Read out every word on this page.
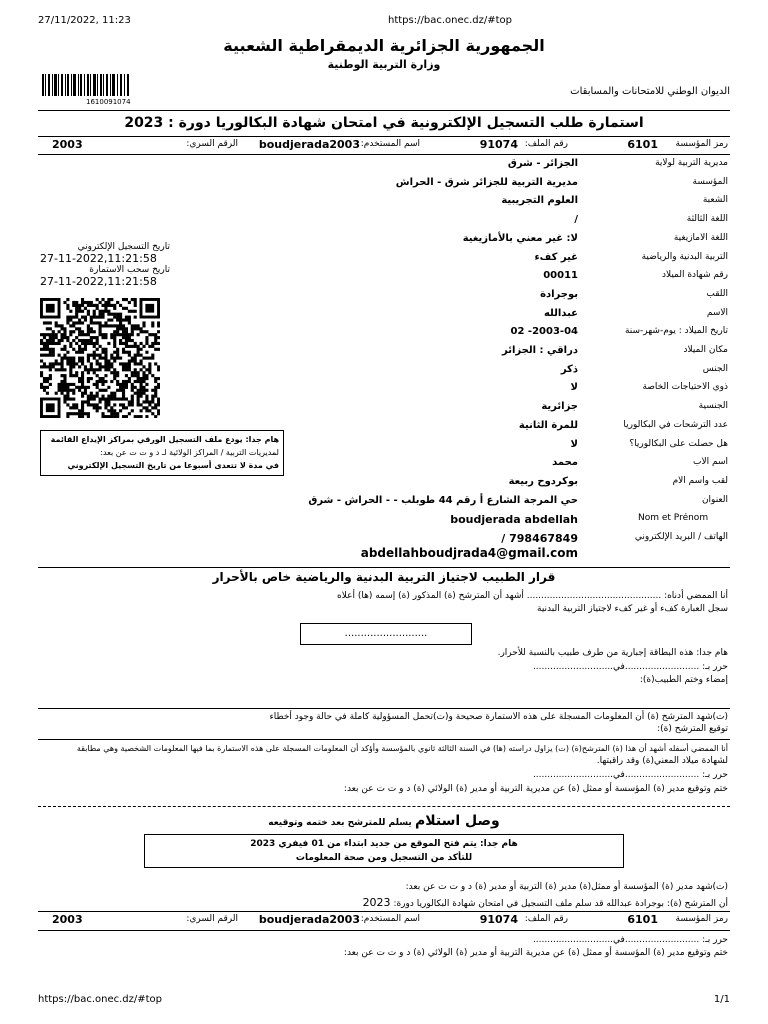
27/11/2022, 11:23	https://bac.onec.dz/#top
الجمهورية الجزائرية الديمقراطية الشعبية
وزارة التربية الوطنية
1610091074
الديوان الوطني للامتحانات والمسابقات
استمارة طلب التسجيل الإلكترونية في امتحان شهادة البكالوريا دورة : 2023
رمز المؤسسة
6101
رقم الملف:
91074
اسم المستخدم:
boudjerada2003
الرقم السري:
2003
مديرية التربية لولاية
الجزائر - شرق
المؤسسة
مديرية التربية للجزائر شرق - الحراش
الشعبة
العلوم التجريبية
اللغة الثالثة
/
اللغة الأمازيغية
لا: غير معني بالأمازيغية
التربية البدنية والرياضية
غير كفء
رقم شهادة الميلاد
00011
اللقب
بوجرادة
الاسم
عبدالله
تاريخ الميلاد : يوم-شهر-سنة
2003-04- 02
مكان الميلاد
دراقي : الجزائر
الجنس
ذكر
ذوي الاحتياجات الخاصة
لا
الجنسية
جزائرية
عدد الترشحات في البكالوريا
للمرة الثانية
هل حصلت على البكالوريا؟
لا
اسم الأب
محمد
لقب واسم الأم
بوكردوح ربيعة
العنوان
حي المرجة الشارع أ رقم 44 طوبلب - - الحراش - شرق
Nom et Prénom
boudjerada abdellah
الهاتف / البريد الإلكتروني
798467849 /
abdellahboudjrada4@gmail.com
تاريخ التسجيل الإلكتروني
27-11-2022,11:21:58
تاريخ سحب الاستمارة
27-11-2022,11:21:58
هام جدا: يودع ملف التسجيل الورقي بمراكز الإيداع القائمة
لمديريات التربية / المراكز الولائية لـ د و ت ت عن بعد:
في مدة لا تتعدى أسبوعا من تاريخ التسجيل الإلكتروني
قرار الطبيب لاجتياز التربية البدنية والرياضية خاص بالأحرار
أنا الممضي أدناه: ............................................... أشهد أن المترشح (ة) المذكور (ة) إسمه (ها) أعلاه
سجل العبارة كفء أو غير كفء لاجتياز التربية البدنية
..........................
هام جدا: هذه البطاقة إجبارية من طرف طبيب بالنسبة للأحرار.
حرر بـ: ..........................في............................
إمضاء وختم الطبيب(ة):
(ت)شهد المترشح (ة) أن المعلومات المسجلة على هذه الاستمارة صحيحة و(ت)تحمل المسؤولية كاملة في حالة وجود أخطاء
توقيع المترشح (ة):
أنا الممضي أسفله أشهد أن هذا (ة) المترشح(ة) (ت) يزاول دراسته (ها) في السنة الثالثة ثانوي بالمؤسسة وأؤكد أن المعلومات المسجلة على هذه الاستمارة بما فيها المعلومات الشخصية وهي مطابقة
لشهادة ميلاد المعني(ة) وقد راقبتها.
حرر بـ: ..........................في............................
ختم وتوقيع مدير (ة) المؤسسة أو ممثل (ة) عن مديرية التربية أو مدير (ة) الولائي (ة) د و ت ت عن بعد:
وصل استلام يسلم للمترشح بعد ختمه وتوقيعه
هام جدا: يتم فتح الموقع من جديد ابتداء من 01 فيفري 2023
للتأكد من التسجيل ومن صحة المعلومات
(ت)شهد مدير (ة) المؤسسة أو ممثل(ة) مدير (ة) التربية أو مدير (ة) د و ت ت عن بعد:
أن المترشح (ة): بوجرادة عبدالله قد سلم ملف التسجيل في امتحان شهادة البكالوريا دورة: 2023
رمز المؤسسة
6101
رقم الملف:
91074
اسم المستخدم:
boudjerada2003
الرقم السري:
2003
حرر بـ: ..........................في............................
ختم وتوقيع مدير (ة) المؤسسة أو ممثل (ة) عن مديرية التربية أو مدير (ة) الولائي (ة) د و ت ت عن بعد:
https://bac.onec.dz/#top	1/1
